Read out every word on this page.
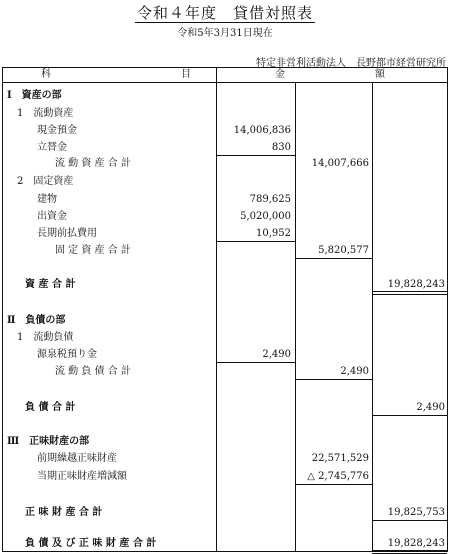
令和４年度　貸借対照表
令和5年3月31日現在
特定非営利活動法人　長野都市経営研究所
科	目	金	額
Ⅰ　資産の部
1　流動資産
現金預金	14,006,836
立替金	830
流 動 資 産 合 計	14,007,666
2　固定資産
建物	789,625
出資金	5,020,000
長期前払費用	10,952
固 定 資 産 合 計	5,820,577
資 産 合 計	19,828,243
Ⅱ　負債の部
1　流動負債
源泉税預り金	2,490
流 動 負 債 合 計	2,490
負 債 合 計	2,490
Ⅲ　正味財産の部
前期繰越正味財産	22,571,529
当期正味財産増減額	△ 2,745,776
正 味 財 産 合 計	19,825,753
負 債 及 び 正 味 財 産 合 計	19,828,243
